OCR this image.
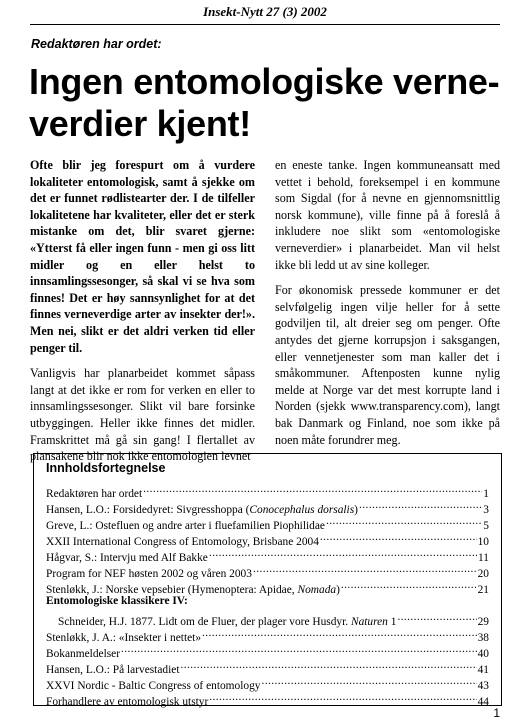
Insekt-Nytt 27 (3) 2002
Redaktøren har ordet:
Ingen entomologiske verne-verdier kjent!

Ofte blir jeg forespurt om å vurdere lokaliteter entomologisk, samt å sjekke om det er funnet rødlistearter der. I de tilfeller lokalitetene har kvaliteter, eller det er sterk mistanke om det, blir svaret gjerne: «Ytterst få eller ingen funn - men gi oss litt midler og en eller helst to innsamlingssesonger, så skal vi se hva som finnes! Det er høy sannsynlighet for at det finnes verneverdige arter av insekter der!». Men nei, slikt er det aldri verken tid eller penger til.

Vanligvis har planarbeidet kommet såpass langt at det ikke er rom for verken en eller to innsamlingssesonger. Slikt vil bare forsinke utbyggingen. Heller ikke finnes det midler. Framskrittet må gå sin gang! I flertallet av plansakene blir nok ikke entomologien levnet

en eneste tanke. Ingen kommuneansatt med vettet i behold, foreksempel i en kommune som Sigdal (for å nevne en gjennomsnittlig norsk kommune), ville finne på å foreslå å inkludere noe slikt som «entomologiske verneverdier» i planarbeidet. Man vil helst ikke bli ledd ut av sine kolleger.

For økonomisk pressede kommuner er det selvfølgelig ingen vilje heller for å sette godviljen til, alt dreier seg om penger. Ofte antydes det gjerne korrupsjon i saksgangen, eller vennetjenester som man kaller det i småkommuner. Aftenposten kunne nylig melde at Norge var det mest korrupte land i Norden (sjekk www.transparency.com), langt bak Danmark og Finland, noe som ikke på noen måte forundrer meg.

Innholdsfortegnelse
Redaktøren har ordet .....	1
Hansen, L.O.: Forsidedyret: Sivgresshoppa (Conocephalus dorsalis) .....	3
Greve, L.: Ostefluen og andre arter i fluefamilien Piophilidae .....	5
XXII International Congress of Entomology, Brisbane 2004 .....	10
Hågvar, S.: Intervju med Alf Bakke .....	11
Program for NEF høsten 2002 og våren 2003 .....	20
Stenløkk, J.: Norske vepsebier (Hymenoptera: Apidae, Nomada) .....	21
Entomologiske klassikere IV:
Schneider, H.J. 1877. Lidt om de Fluer, der plager vore Husdyr. Naturen 1 .....	29
Stenløkk, J. A.: «Insekter i nettet» .....	38
Bokanmeldelser .....	40
Hansen, L.O.: På larvestadiet .....	41
XXVI Nordic - Baltic Congress of entomology .....	43
Forhandlere av entomologisk utstyr .....	44
1
